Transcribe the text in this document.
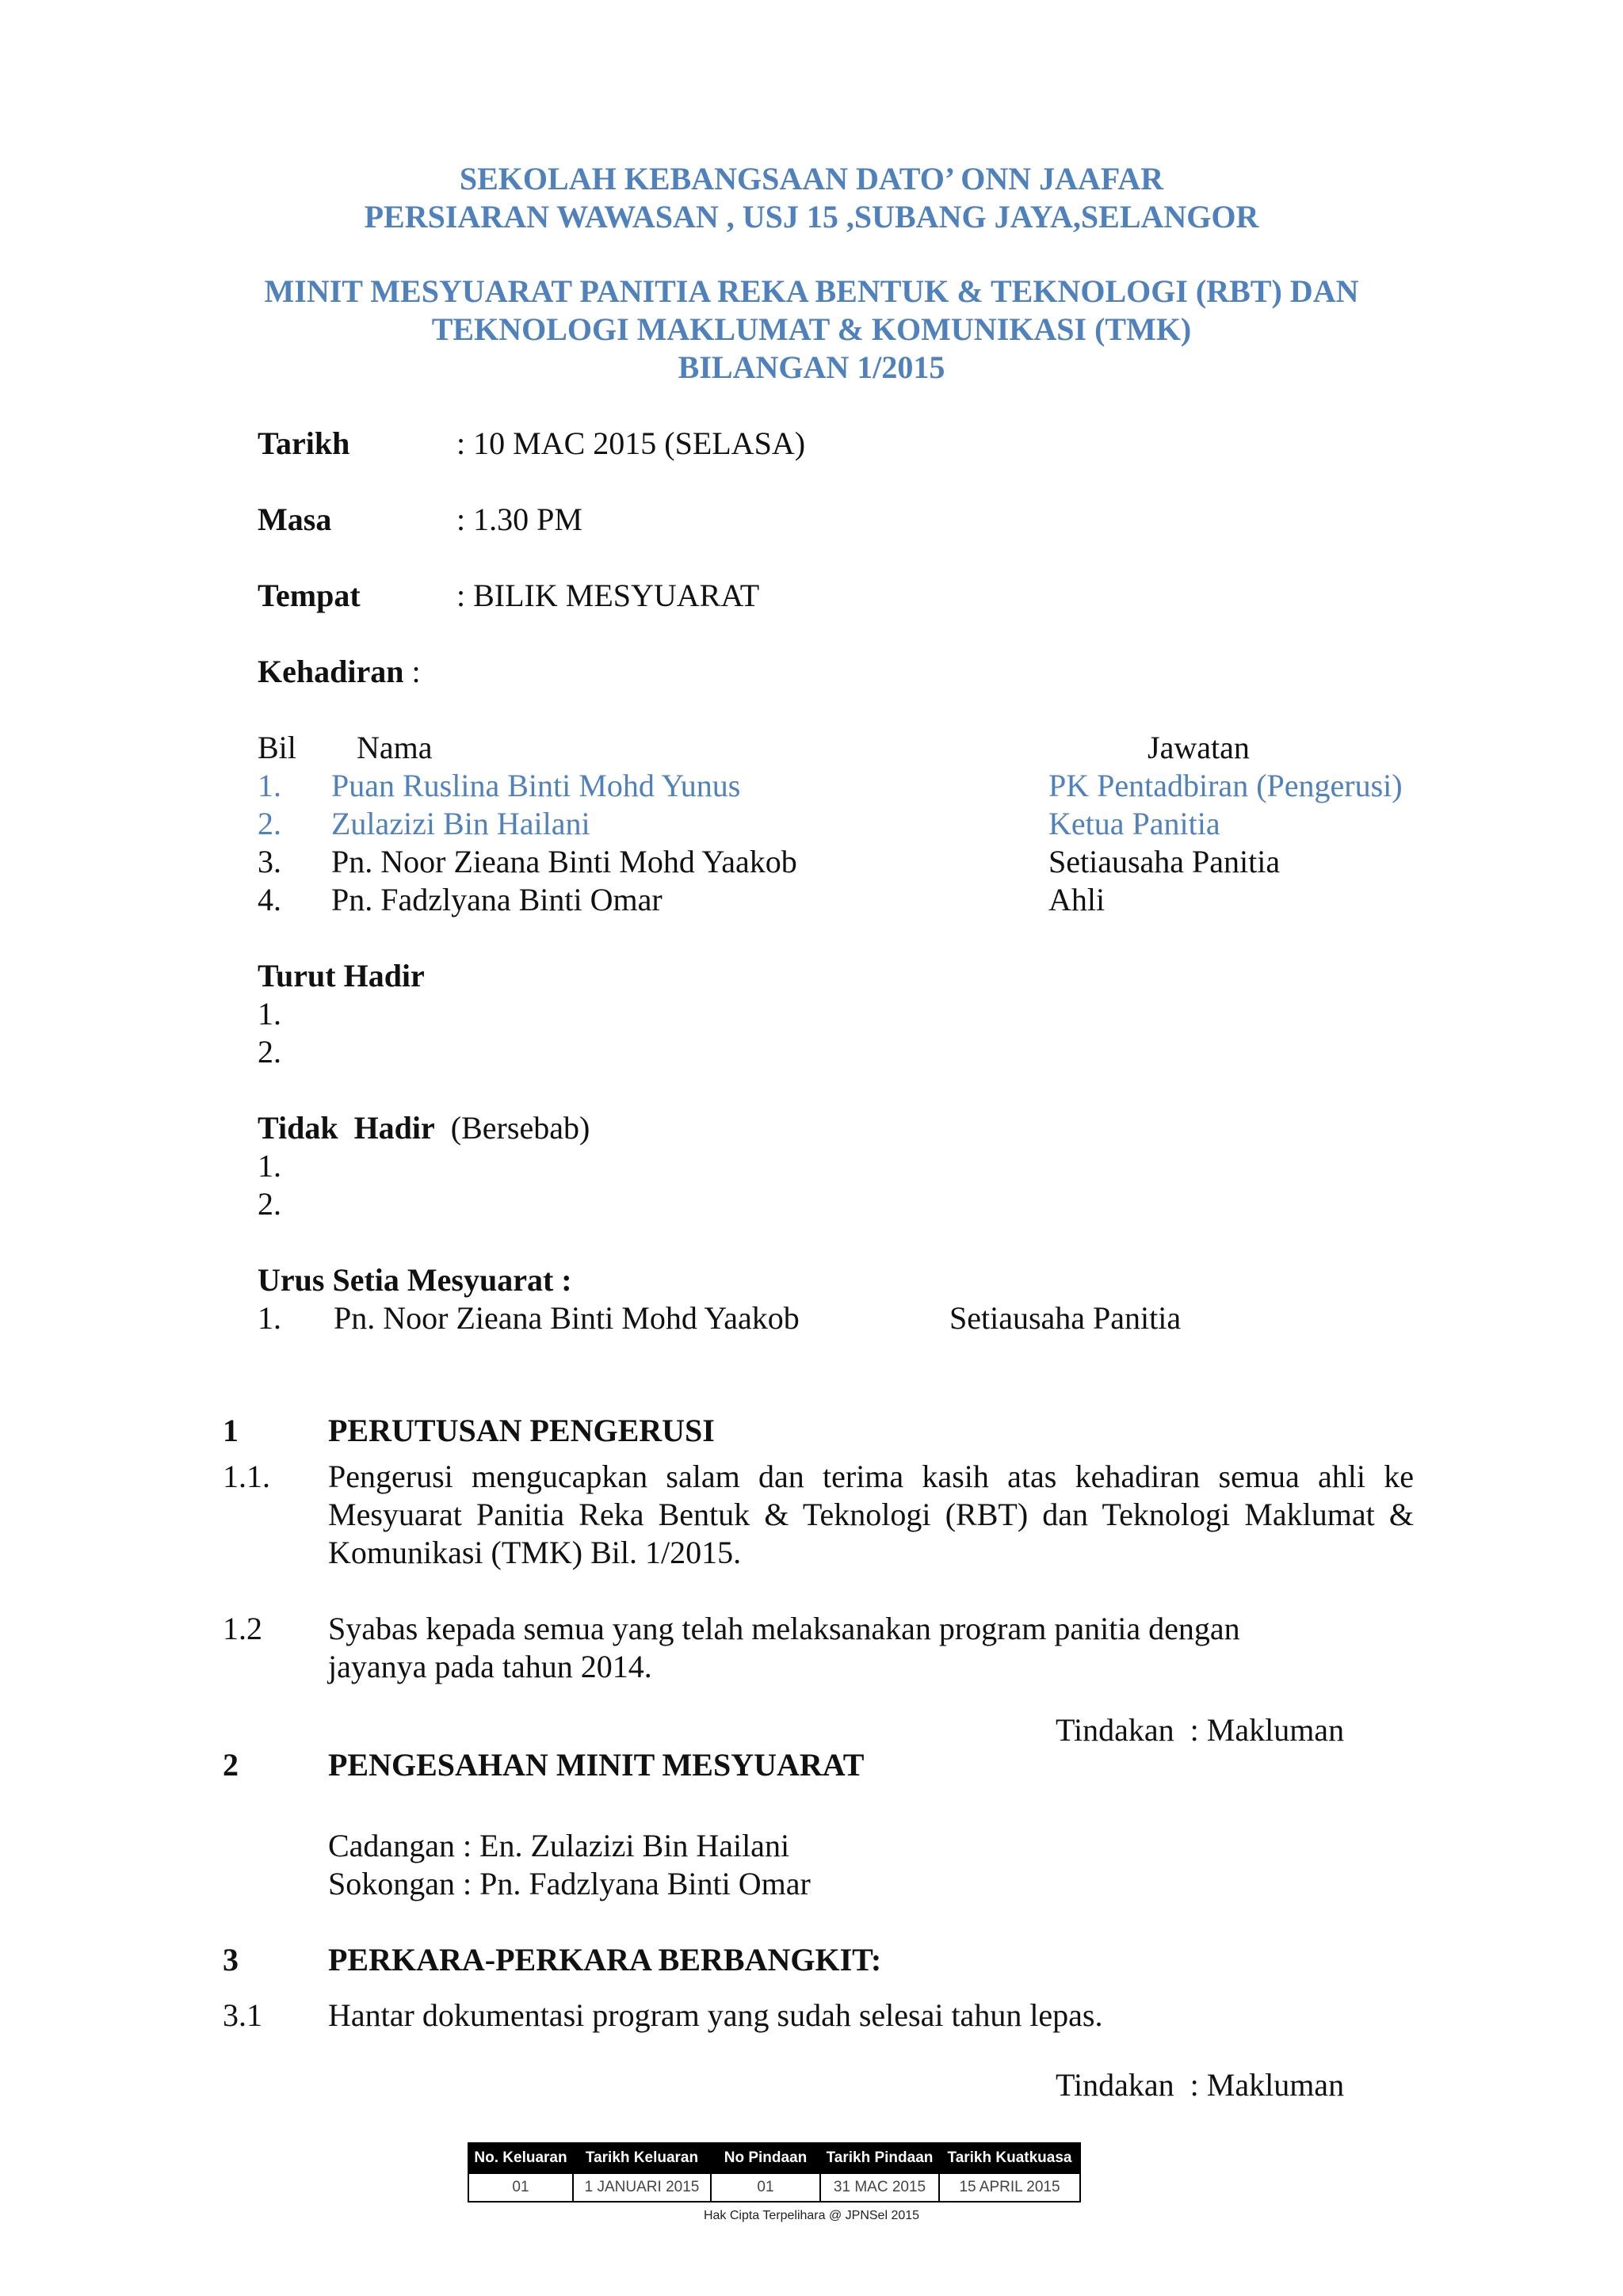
SEKOLAH KEBANGSAAN DATO’ ONN JAAFAR
PERSIARAN WAWASAN , USJ 15 ,SUBANG JAYA,SELANGOR
MINIT MESYUARAT PANITIA REKA BENTUK & TEKNOLOGI (RBT) DAN
TEKNOLOGI MAKLUMAT & KOMUNIKASI (TMK)
BILANGAN 1/2015
Tarikh	: 10 MAC 2015 (SELASA)
Masa	: 1.30 PM
Tempat	: BILIK MESYUARAT
Kehadiran :
Bil Nama	Jawatan
1. Puan Ruslina Binti Mohd Yunus	PK Pentadbiran (Pengerusi)
2. Zulazizi Bin Hailani	Ketua Panitia
3. Pn. Noor Zieana Binti Mohd Yaakob	Setiausaha Panitia
4. Pn. Fadzlyana Binti Omar	Ahli
Turut Hadir
1.
2.
Tidak  Hadir (Bersebab)
1.
2.
Urus Setia Mesyuarat :
1. Pn. Noor Zieana Binti Mohd Yaakob	Setiausaha Panitia
1	PERUTUSAN PENGERUSI
1.1. Pengerusi mengucapkan salam dan terima kasih atas kehadiran semua ahli ke
Mesyuarat Panitia Reka Bentuk & Teknologi (RBT) dan Teknologi Maklumat &
Komunikasi (TMK) Bil. 1/2015.
1.2 Syabas kepada semua yang telah melaksanakan program panitia dengan
jayanya pada tahun 2014.
Tindakan  : Makluman
2	PENGESAHAN MINIT MESYUARAT
Cadangan : En. Zulazizi Bin Hailani
Sokongan : Pn. Fadzlyana Binti Omar
3	PERKARA-PERKARA BERBANGKIT:
3.1 Hantar dokumentasi program yang sudah selesai tahun lepas.
Tindakan  : Makluman
No. Keluaran	Tarikh Keluaran	No Pindaan	Tarikh Pindaan	Tarikh Kuatkuasa
01	1 JANUARI 2015	01	31 MAC 2015	15 APRIL 2015
Hak Cipta Terpelihara @ JPNSel 2015
